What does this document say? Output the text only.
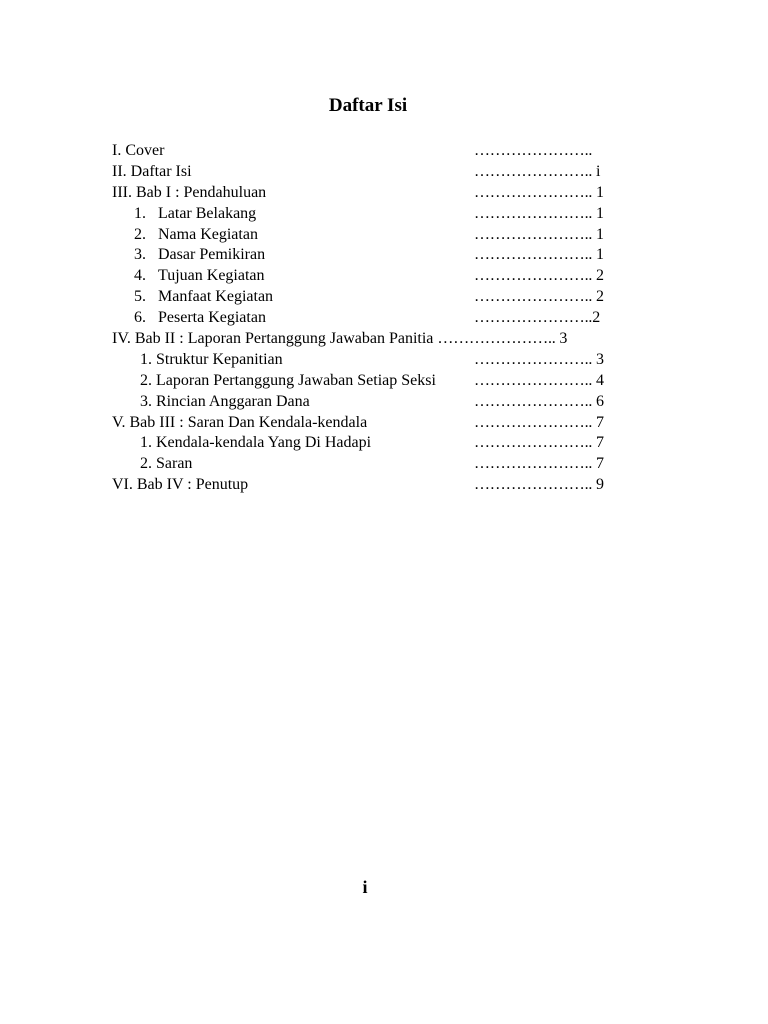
Daftar Isi
I. Cover	…………………..
II. Daftar Isi	………………….. i
III. Bab I : Pendahuluan	………………….. 1
1. Latar Belakang	………………….. 1
2. Nama Kegiatan	………………….. 1
3. Dasar Pemikiran	………………….. 1
4. Tujuan Kegiatan	………………….. 2
5. Manfaat Kegiatan	………………….. 2
6. Peserta Kegiatan	…………………..2
IV. Bab II : Laporan Pertanggung Jawaban Panitia ………………….. 3
1. Struktur Kepanitian	………………….. 3
2. Laporan Pertanggung Jawaban Setiap Seksi ………………….. 4
3. Rincian Anggaran Dana	………………….. 6
V. Bab III : Saran Dan Kendala-kendala	………………….. 7
1. Kendala-kendala Yang Di Hadapi	………………….. 7
2. Saran	………………….. 7
VI. Bab IV : Penutup	………………….. 9
i
